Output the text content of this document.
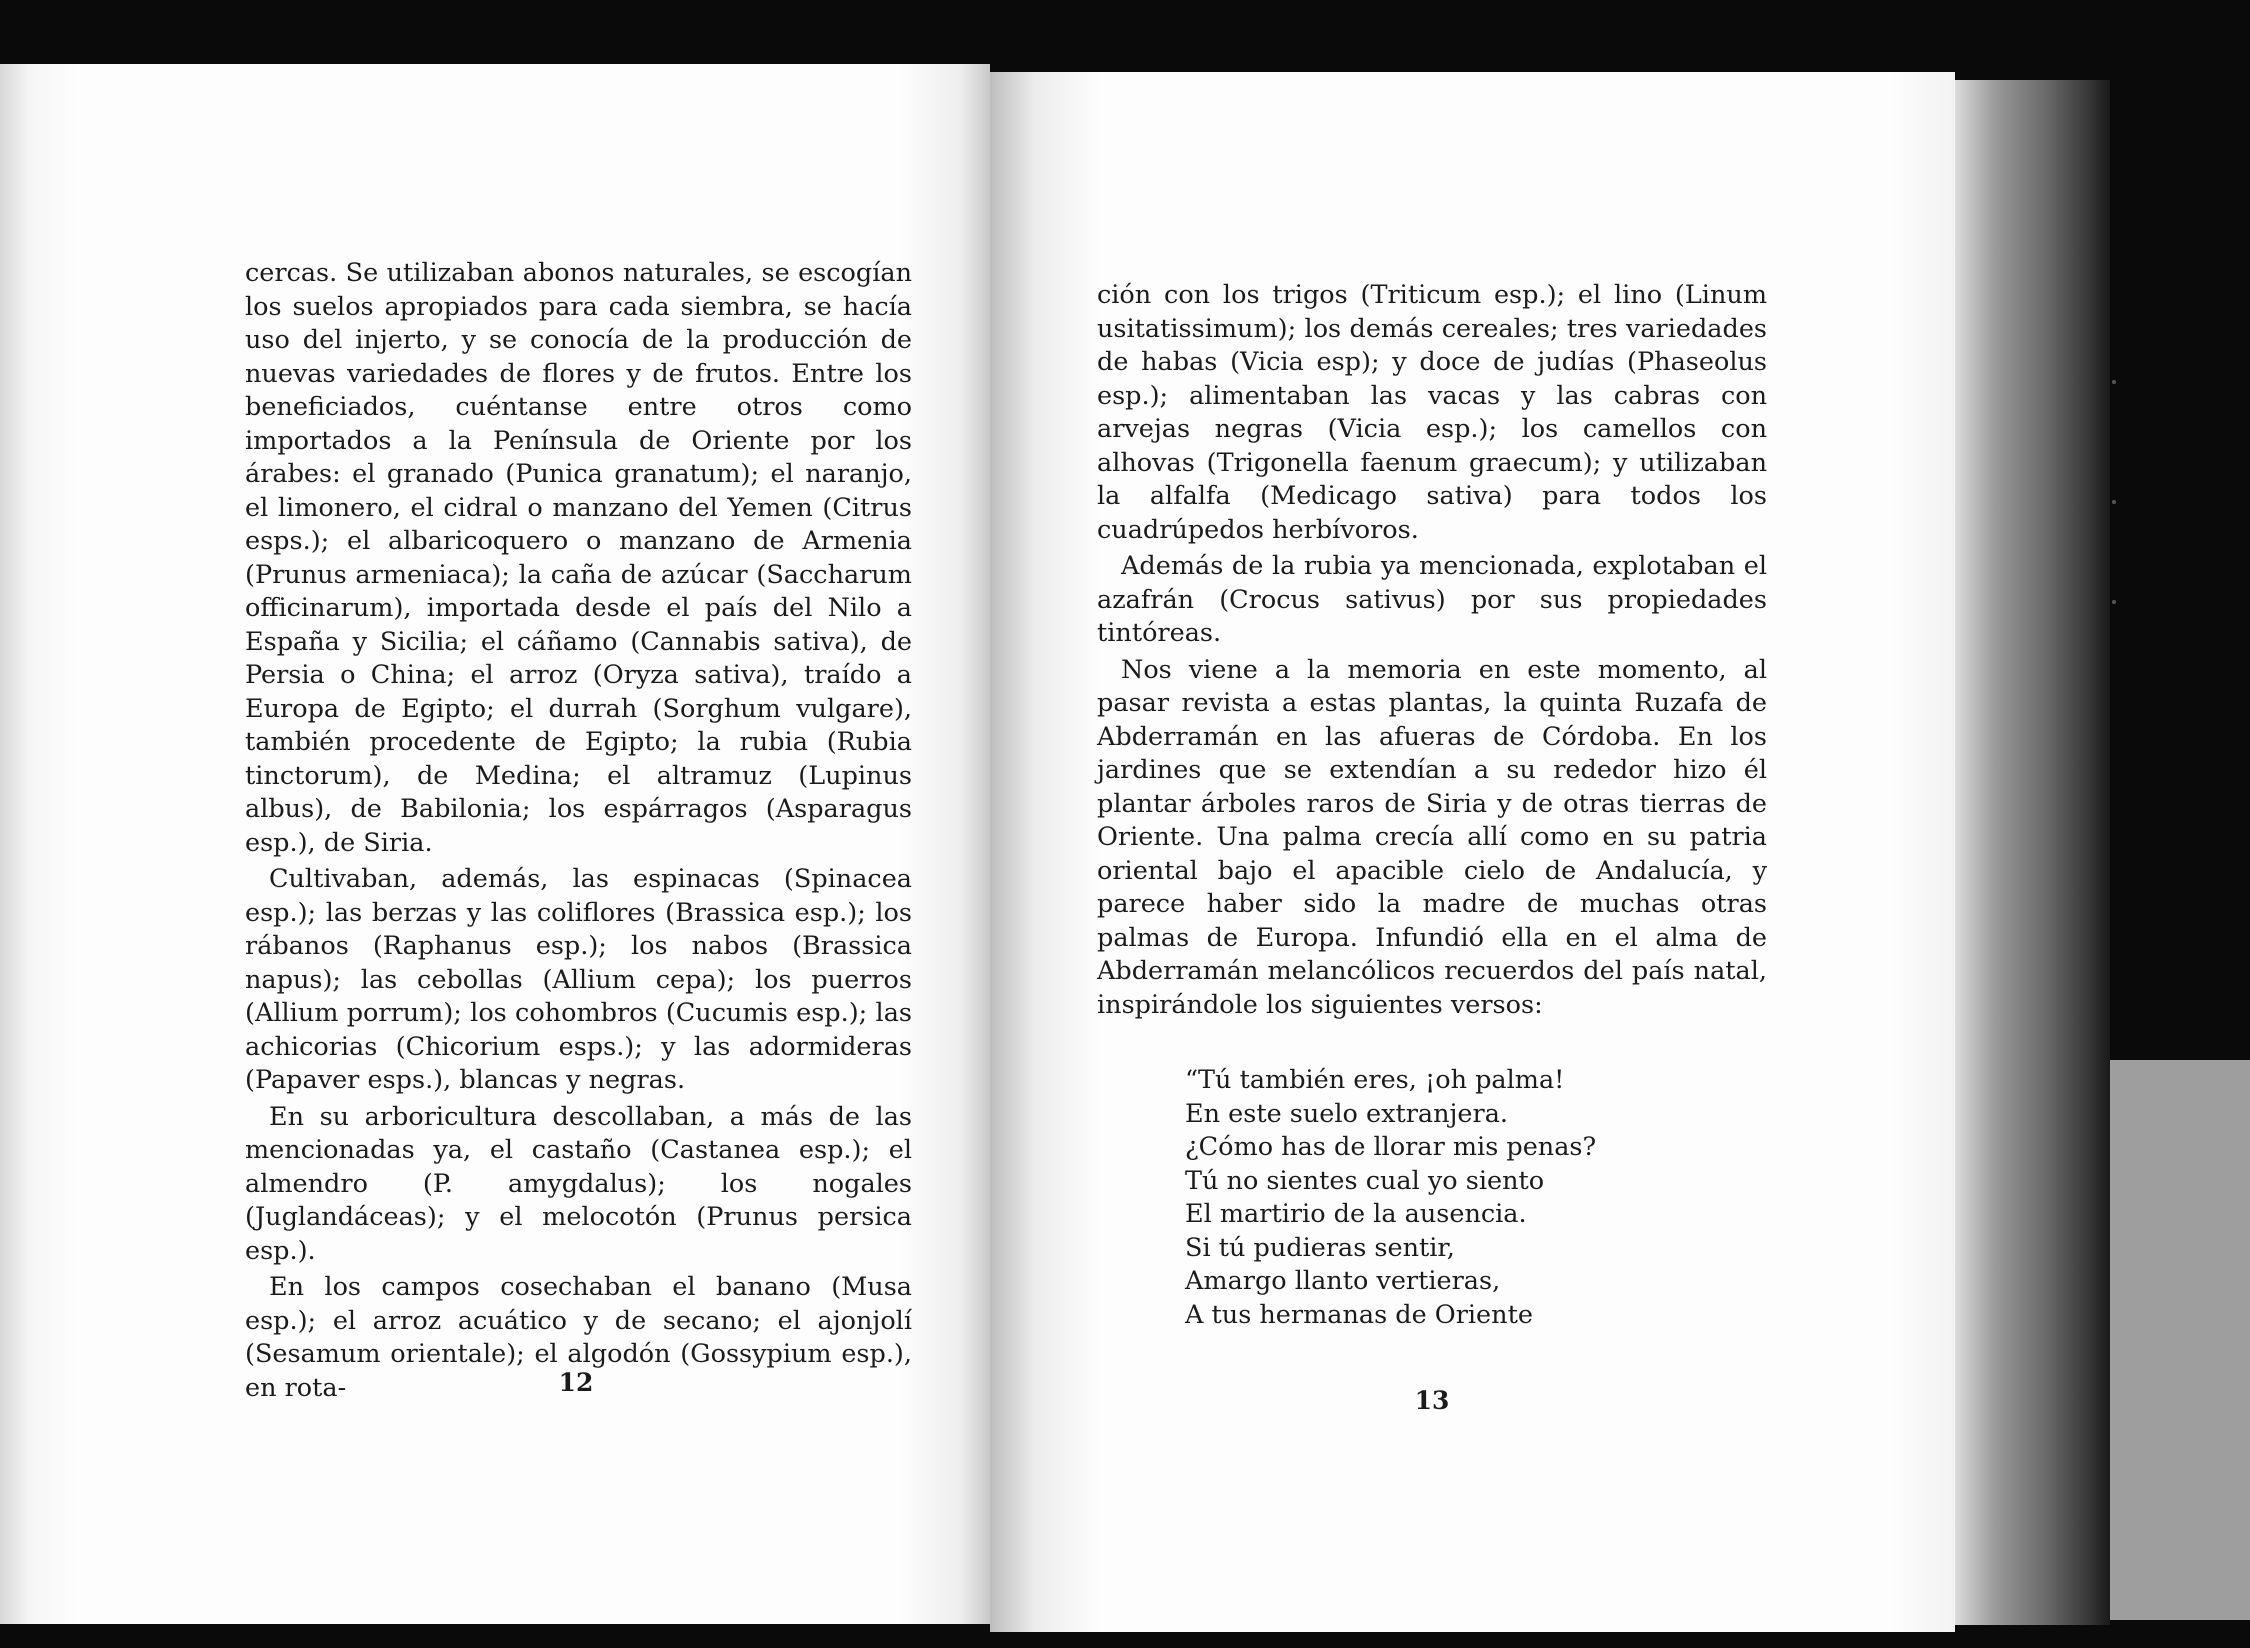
cercas. Se utilizaban abonos naturales, se escogían los suelos apropiados para cada siembra, se hacía uso del injerto, y se conocía de la producción de nuevas variedades de flores y de frutos. Entre los beneficiados, cuéntanse entre otros como importados a la Península de Oriente por los árabes: el granado (Punica granatum); el naranjo, el limonero, el cidral o manzano del Yemen (Citrus esps.); el albaricoquero o manzano de Armenia (Prunus armeniaca); la caña de azúcar (Saccharum officinarum), importada desde el país del Nilo a España y Sicilia; el cáñamo (Cannabis sativa), de Persia o China; el arroz (Oryza sativa), traído a Europa de Egipto; el durrah (Sorghum vulgare), también procedente de Egipto; la rubia (Rubia tinctorum), de Medina; el altramuz (Lupinus albus), de Babilonia; los espárragos (Asparagus esp.), de Siria.

Cultivaban, además, las espinacas (Spinacea esp.); las berzas y las coliflores (Brassica esp.); los rábanos (Raphanus esp.); los nabos (Brassica napus); las cebollas (Allium cepa); los puerros (Allium porrum); los cohombros (Cucumis esp.); las achicorias (Chicorium esps.); y las adormideras (Papaver esps.), blancas y negras.

En su arboricultura descollaban, a más de las mencionadas ya, el castaño (Castanea esp.); el almendro (P. amygdalus); los nogales (Juglandáceas); y el melocotón (Prunus persica esp.).

En los campos cosechaban el banano (Musa esp.); el arroz acuático y de secano; el ajonjolí (Sesamum orientale); el algodón (Gossypium esp.), en rota-	12

ción con los trigos (Triticum esp.); el lino (Linum usitatissimum); los demás cereales; tres variedades de habas (Vicia esp); y doce de judías (Phaseolus esp.); alimentaban las vacas y las cabras con arvejas negras (Vicia esp.); los camellos con alhovas (Trigonella faenum graecum); y utilizaban la alfalfa (Medicago sativa) para todos los cuadrúpedos herbívoros.

Además de la rubia ya mencionada, explotaban el azafrán (Crocus sativus) por sus propiedades tintóreas.

Nos viene a la memoria en este momento, al pasar revista a estas plantas, la quinta Ruzafa de Abderramán en las afueras de Córdoba. En los jardines que se extendían a su rededor hizo él plantar árboles raros de Siria y de otras tierras de Oriente. Una palma crecía allí como en su patria oriental bajo el apacible cielo de Andalucía, y parece haber sido la madre de muchas otras palmas de Europa. Infundió ella en el alma de Abderramán melancólicos recuerdos del país natal, inspirándole los siguientes versos:

“Tú también eres, ¡oh palma!
En este suelo extranjera.
¿Cómo has de llorar mis penas?
Tú no sientes cual yo siento
El martirio de la ausencia.
Si tú pudieras sentir,
Amargo llanto vertieras,
A tus hermanas de Oriente
13
